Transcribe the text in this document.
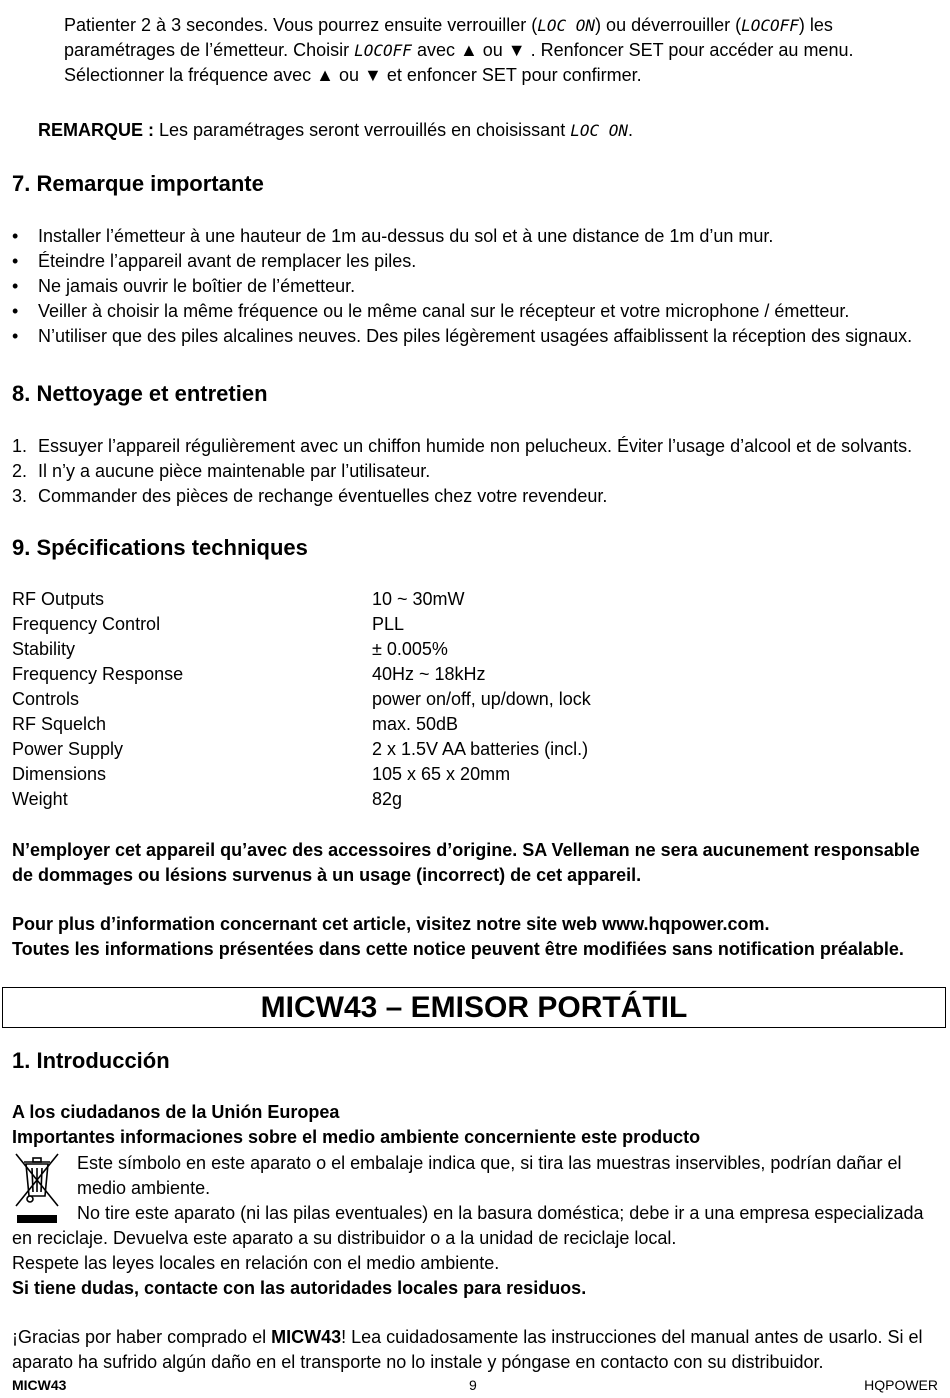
Patienter 2 à 3 secondes. Vous pourrez ensuite verrouiller (LOC ON) ou déverrouiller (LOCOFF) les
paramétrages de l’émetteur. Choisir LOCOFF avec ▲ ou ▼ . Renfoncer SET pour accéder au menu.
Sélectionner la fréquence avec ▲ ou ▼ et enfoncer SET pour confirmer.
REMARQUE : Les paramétrages seront verrouillés en choisissant LOC ON.
7. Remarque importante
• Installer l’émetteur à une hauteur de 1m au-dessus du sol et à une distance de 1m d’un mur.
• Éteindre l’appareil avant de remplacer les piles.
• Ne jamais ouvrir le boîtier de l’émetteur.
• Veiller à choisir la même fréquence ou le même canal sur le récepteur et votre microphone / émetteur.
• N’utiliser que des piles alcalines neuves. Des piles légèrement usagées affaiblissent la réception des signaux.
8. Nettoyage et entretien
1. Essuyer l’appareil régulièrement avec un chiffon humide non pelucheux. Éviter l’usage d’alcool et de solvants.
2. Il n’y a aucune pièce maintenable par l’utilisateur.
3. Commander des pièces de rechange éventuelles chez votre revendeur.
9. Spécifications techniques
RF Outputs	10 ~ 30mW
Frequency Control	PLL
Stability	± 0.005%
Frequency Response	40Hz ~ 18kHz
Controls	power on/off, up/down, lock
RF Squelch	max. 50dB
Power Supply	2 x 1.5V AA batteries (incl.)
Dimensions	105 x 65 x 20mm
Weight	82g
N’employer cet appareil qu’avec des accessoires d’origine. SA Velleman ne sera aucunement responsable
de dommages ou lésions survenus à un usage (incorrect) de cet appareil.
Pour plus d’information concernant cet article, visitez notre site web www.hqpower.com.
Toutes les informations présentées dans cette notice peuvent être modifiées sans notification préalable.
MICW43 – EMISOR PORTÁTIL
1. Introducción
A los ciudadanos de la Unión Europea
Importantes informaciones sobre el medio ambiente concerniente este producto
Este símbolo en este aparato o el embalaje indica que, si tira las muestras inservibles, podrían dañar el
medio ambiente.
No tire este aparato (ni las pilas eventuales) en la basura doméstica; debe ir a una empresa especializada
en reciclaje. Devuelva este aparato a su distribuidor o a la unidad de reciclaje local.
Respete las leyes locales en relación con el medio ambiente.
Si tiene dudas, contacte con las autoridades locales para residuos.
¡Gracias por haber comprado el MICW43! Lea cuidadosamente las instrucciones del manual antes de usarlo. Si el
aparato ha sufrido algún daño en el transporte no lo instale y póngase en contacto con su distribuidor.
MICW43	9	HQPOWER
